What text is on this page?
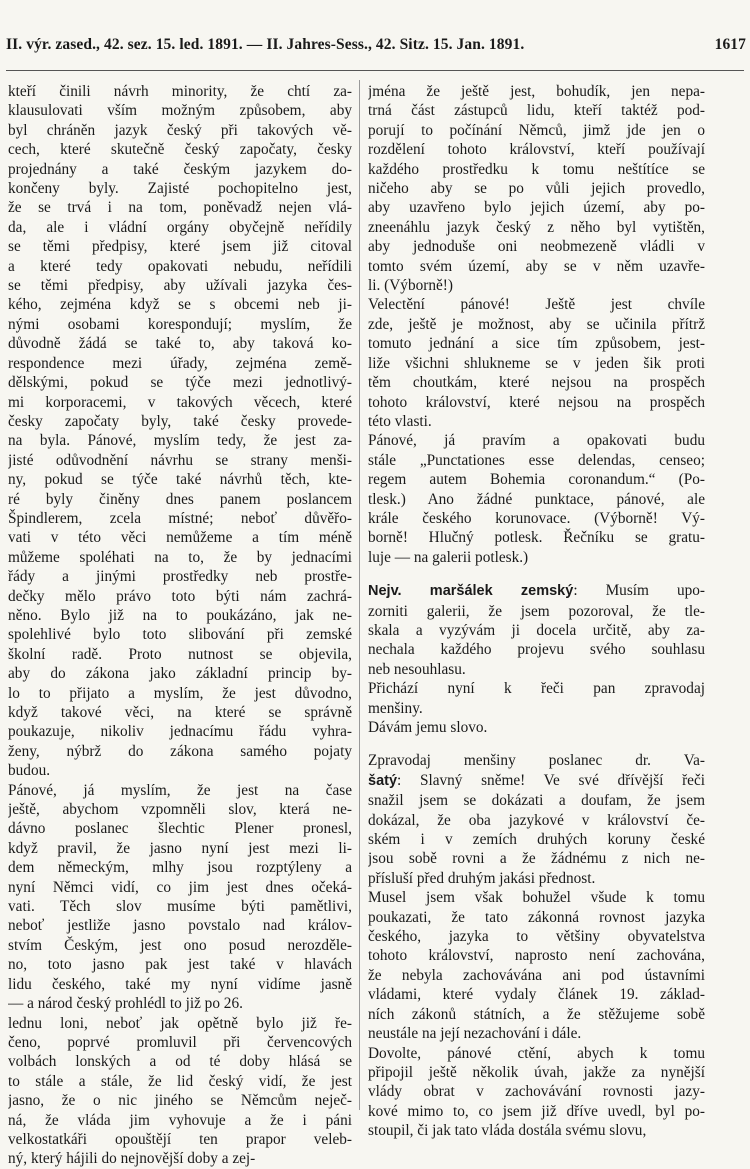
II. výr. zased., 42. sez. 15. led. 1891. — II. Jahres-Sess., 42. Sitz. 15. Jan. 1891.	1617
kteří činili návrh minority, že chtí za-
klausulovati vším možným způsobem, aby
byl chráněn jazyk český při takových vě-
cech, které skutečně český započaty, česky
projednány a také českým jazykem do-
končeny byly. Zajisté pochopitelno jest,
že se trvá i na tom, poněvadž nejen vlá-
da, ale i vládní orgány obyčejně neřídily
se těmi předpisy, které jsem již citoval
a které tedy opakovati nebudu, neřídili
se těmi předpisy, aby užívali jazyka čes-
kého, zejména když se s obcemi neb ji-
nými osobami korespondují; myslím, že
důvodně žádá se také to, aby taková ko-
respondence mezi úřady, zejména země-
dělskými, pokud se týče mezi jednotlivý-
mi korporacemi, v takových věcech, které
česky započaty byly, také česky provede-
na byla. Pánové, myslím tedy, že jest za-
jisté odůvodnění návrhu se strany menši-
ny, pokud se týče také návrhů těch, kte-
ré byly činěny dnes panem poslancem
Špindlerem, zcela místné; neboť důvěřo-
vati v této věci nemůžeme a tím méně
můžeme spoléhati na to, že by jednacími
řády a jinými prostředky neb prostře-
dečky mělo právo toto býti nám zachrá-
něno. Bylo již na to poukázáno, jak ne-
spolehlivé bylo toto slibování při zemské
školní radě. Proto nutnost se objevila,
aby do zákona jako základní princip by-
lo to přijato a myslím, že jest důvodno,
když takové věci, na které se správně
poukazuje, nikoliv jednacímu řádu vyhra-
ženy, nýbrž do zákona samého pojaty
budou.
Pánové, já myslím, že jest na čase
ještě, abychom vzpomněli slov, která ne-
dávno poslanec šlechtic Plener pronesl,
když pravil, že jasno nyní jest mezi li-
dem německým, mlhy jsou rozptýleny a
nyní Němci vidí, co jim jest dnes očeká-
vati. Těch slov musíme býti pamětlivi,
neboť jestliže jasno povstalo nad králov-
stvím Českým, jest ono posud nerozděle-
no, toto jasno pak jest také v hlavách
lidu českého, také my nyní vidíme jasně
— a národ český prohlédl to již po 26.
lednu loni, neboť jak opětně bylo již ře-
čeno, poprvé promluvil při červencových
volbách lonských a od té doby hlásá se
to stále a stále, že lid český vidí, že jest
jasno, že o nic jiného se Němcům neječ-
ná, že vláda jim vyhovuje a že i páni
velkostatkáři opouštějí ten prapor veleb-
ný, který hájili do nejnovější doby a zej-
jména že ještě jest, bohudík, jen nepa-
trná část zástupců lidu, kteří taktéž pod-
porují to počínání Němců, jimž jde jen o
rozdělení tohoto království, kteří používají
každého prostředku k tomu neštítíce se
ničeho aby se po vůli jejich provedlo,
aby uzavřeno bylo jejich území, aby po-
zneenáhlu jazyk český z něho byl vytištěn,
aby jednoduše oni neobmezeně vládli v
tomto svém území, aby se v něm uzavře-
li. (Výborně!)
Velectění pánové! Ještě jest chvíle
zde, ještě je možnost, aby se učinila přítrž
tomuto jednání a sice tím způsobem, jest-
liže všichni shlukneme se v jeden šik proti
těm choutkám, které nejsou na prospěch
tohoto království, které nejsou na prospěch
této vlasti.
Pánové, já pravím a opakovati budu
stále „Punctationes esse delendas, censeo;
regem autem Bohemia coronandum.“ (Po-
tlesk.) Ano žádné punktace, pánové, ale
krále českého korunovace. (Výborně! Vý-
borně! Hlučný potlesk. Řečníku se gratu-
luje — na galerii potlesk.)
Nejv. maršálek zemský: Musím upo-
zorniti galerii, že jsem pozoroval, že tle-
skala a vyzývám ji docela určitě, aby za-
nechala každého projevu svého souhlasu
neb nesouhlasu.
Přichází nyní k řeči pan zpravodaj
menšiny.
Dávám jemu slovo.
Zpravodaj menšiny poslanec dr. Va-
šatý: Slavný sněme! Ve své dřívější řeči
snažil jsem se dokázati a doufam, že jsem
dokázal, že oba jazykové v království če-
ském i v zemích druhých koruny české
jsou sobě rovni a že žádnému z nich ne-
přísluší před druhým jakási přednost.
Musel jsem však bohužel všude k tomu
poukazati, že tato zákonná rovnost jazyka
českého, jazyka to většiny obyvatelstva
tohoto království, naprosto není zachována,
že nebyla zachovávána ani pod ústavními
vládami, které vydaly článek 19. základ-
ních zákonů státních, a že stěžujeme sobě
neustále na její nezachování i dále.
Dovolte, pánové ctění, abych k tomu
připojil ještě několik úvah, jakže za nynější
vlády obrat v zachovávání rovnosti jazy-
kové mimo to, co jsem již dříve uvedl, byl po-
stoupil, či jak tato vláda dostála svému slovu,
